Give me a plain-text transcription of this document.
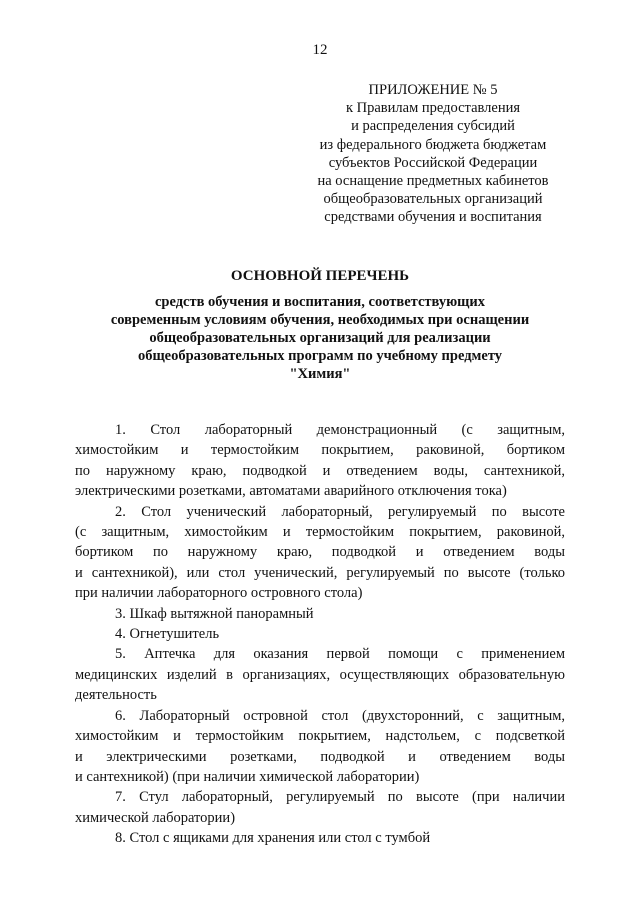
12
ПРИЛОЖЕНИЕ № 5
к Правилам предоставления
и распределения субсидий
из федерального бюджета бюджетам
субъектов Российской Федерации
на оснащение предметных кабинетов
общеобразовательных организаций
средствами обучения и воспитания
ОСНОВНОЙ ПЕРЕЧЕНЬ
средств обучения и воспитания, соответствующих
современным условиям обучения, необходимых при оснащении
общеобразовательных организаций для реализации
общеобразовательных программ по учебному предмету
"Химия"
1. Стол лабораторный демонстрационный (с защитным,
химостойким и термостойким покрытием, раковиной, бортиком
по наружному краю, подводкой и отведением воды, сантехникой,
электрическими розетками, автоматами аварийного отключения тока)
2. Стол ученический лабораторный, регулируемый по высоте
(с защитным, химостойким и термостойким покрытием, раковиной,
бортиком по наружному краю, подводкой и отведением воды
и сантехникой), или стол ученический, регулируемый по высоте (только
при наличии лабораторного островного стола)
3. Шкаф вытяжной панорамный
4. Огнетушитель
5. Аптечка для оказания первой помощи с применением
медицинских изделий в организациях, осуществляющих образовательную
деятельность
6. Лабораторный островной стол (двухсторонний, с защитным,
химостойким и термостойким покрытием, надстольем, с подсветкой
и электрическими розетками, подводкой и отведением воды
и сантехникой) (при наличии химической лаборатории)
7. Стул лабораторный, регулируемый по высоте (при наличии
химической лаборатории)
8. Стол с ящиками для хранения или стол с тумбой
